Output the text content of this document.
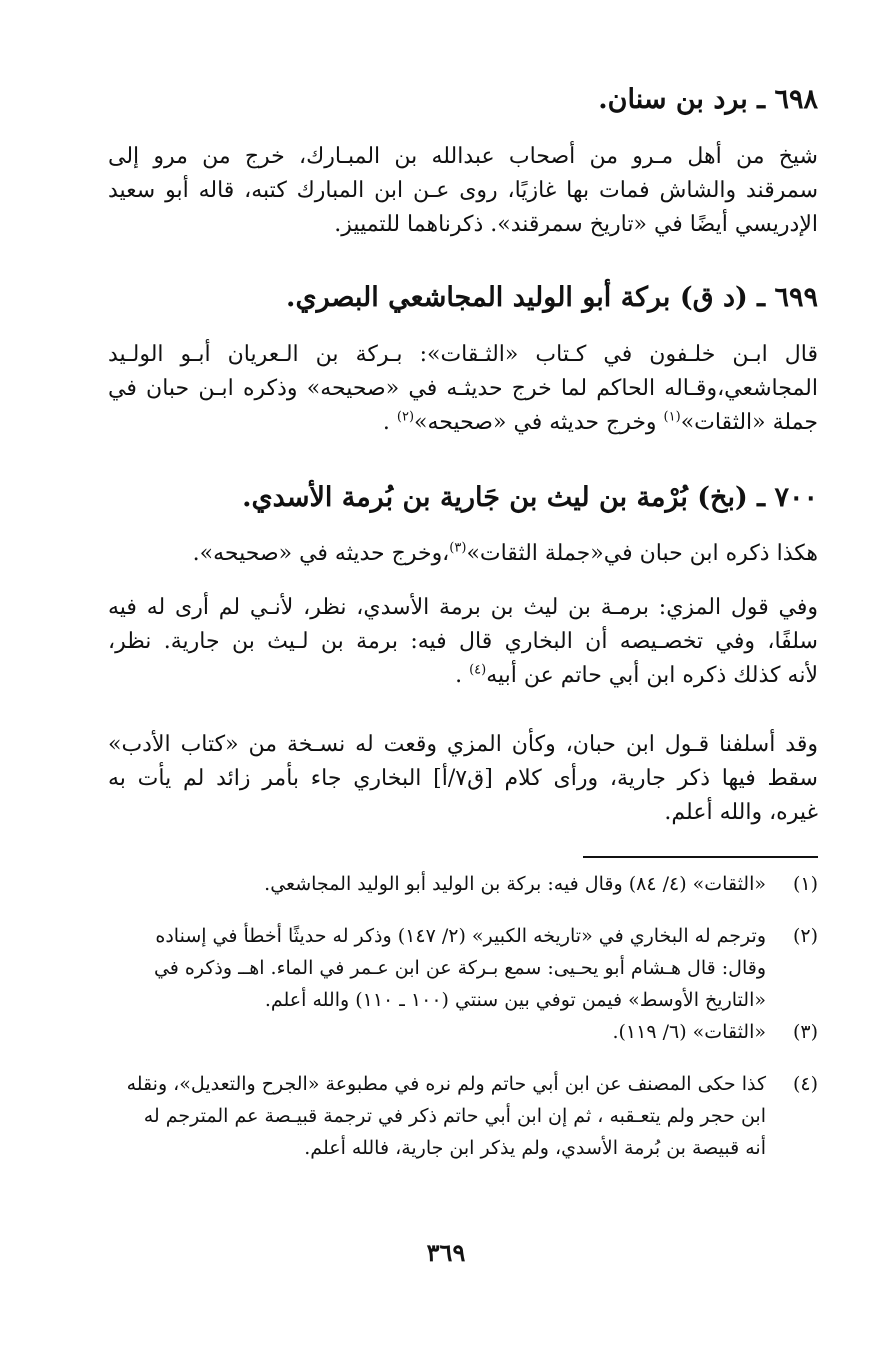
٦٩٨ ـ برد بن سنان.
شيخ من أهل مـرو من أصحاب عبدالله بن المبـارك، خرج من مرو إلى
سمرقند والشاش فمات بها غازيًا، روى عـن ابن المبارك كتبه، قاله أبو سعيد
الإدريسي أيضًا في «تاريخ سمرقند». ذكرناهما للتمييز.
٦٩٩ ـ (د ق) بركة أبو الوليد المجاشعي البصري.
قال ابـن خلـفون في كـتاب «الثـقات»: بـركة بن الـعريان أبـو الولـيد
المجاشعي،وقـاله الحاكم لما خرج حديثـه في «صحيحه» وذكره ابـن حبان في
جملة «الثقات»$^{(١)}$ وخرج حديثه في «صحيحه»$^{(٢)}$ .
٧٠٠ ـ (بخ) بُرْمة بن ليث بن جَارية بن بُرمة الأسدي.
هكذا ذكره ابن حبان في«جملة الثقات»$^{(٣)}$،وخرج حديثه في «صحيحه».
وفي قول المزي: برمـة بن ليث بن برمة الأسدي، نظر، لأنـي لم أرى له فيه
سلفًا، وفي تخصـيصه أن البخاري قال فيه: برمة بن لـيث بن جارية. نظر،
لأنه كذلك ذكره ابن أبي حاتم عن أبيه$^{(٤)}$ .
وقد أسلفنا قـول ابن حبان، وكأن المزي وقعت له نسـخة من «كتاب الأدب»
سقط فيها ذكر جارية، ورأى كلام [ق٧/أ] البخاري جاء بأمر زائد لم يأت به
غيره، والله أعلم.
(١)«الثقات» (٤/ ٨٤) وقال فيه: بركة بن الوليد أبو الوليد المجاشعي.
(٢)وترجم له البخاري في «تاريخه الكبير» (٢/ ١٤٧) وذكر له حديثًا أخطأ في إسناده
وقال: قال هـشام أبو يحـيى: سمع بـركة عن ابن عـمر في الماء. اهــ وذكره في
«التاريخ الأوسط» فيمن توفي بين سنتي (١٠٠ ـ ١١٠) والله أعلم.
(٣)«الثقات» (٦/ ١١٩).
(٤)كذا حكى المصنف عن ابن أبي حاتم ولم نره في مطبوعة «الجرح والتعديل»، ونقله
ابن حجر ولم يتعـقبه ، ثم إن ابن أبي حاتم ذكر في ترجمة قبيـصة عم المترجم له
أنه قبيصة بن بُرمة الأسدي، ولم يذكر ابن جارية، فالله أعلم.
٣٦٩
